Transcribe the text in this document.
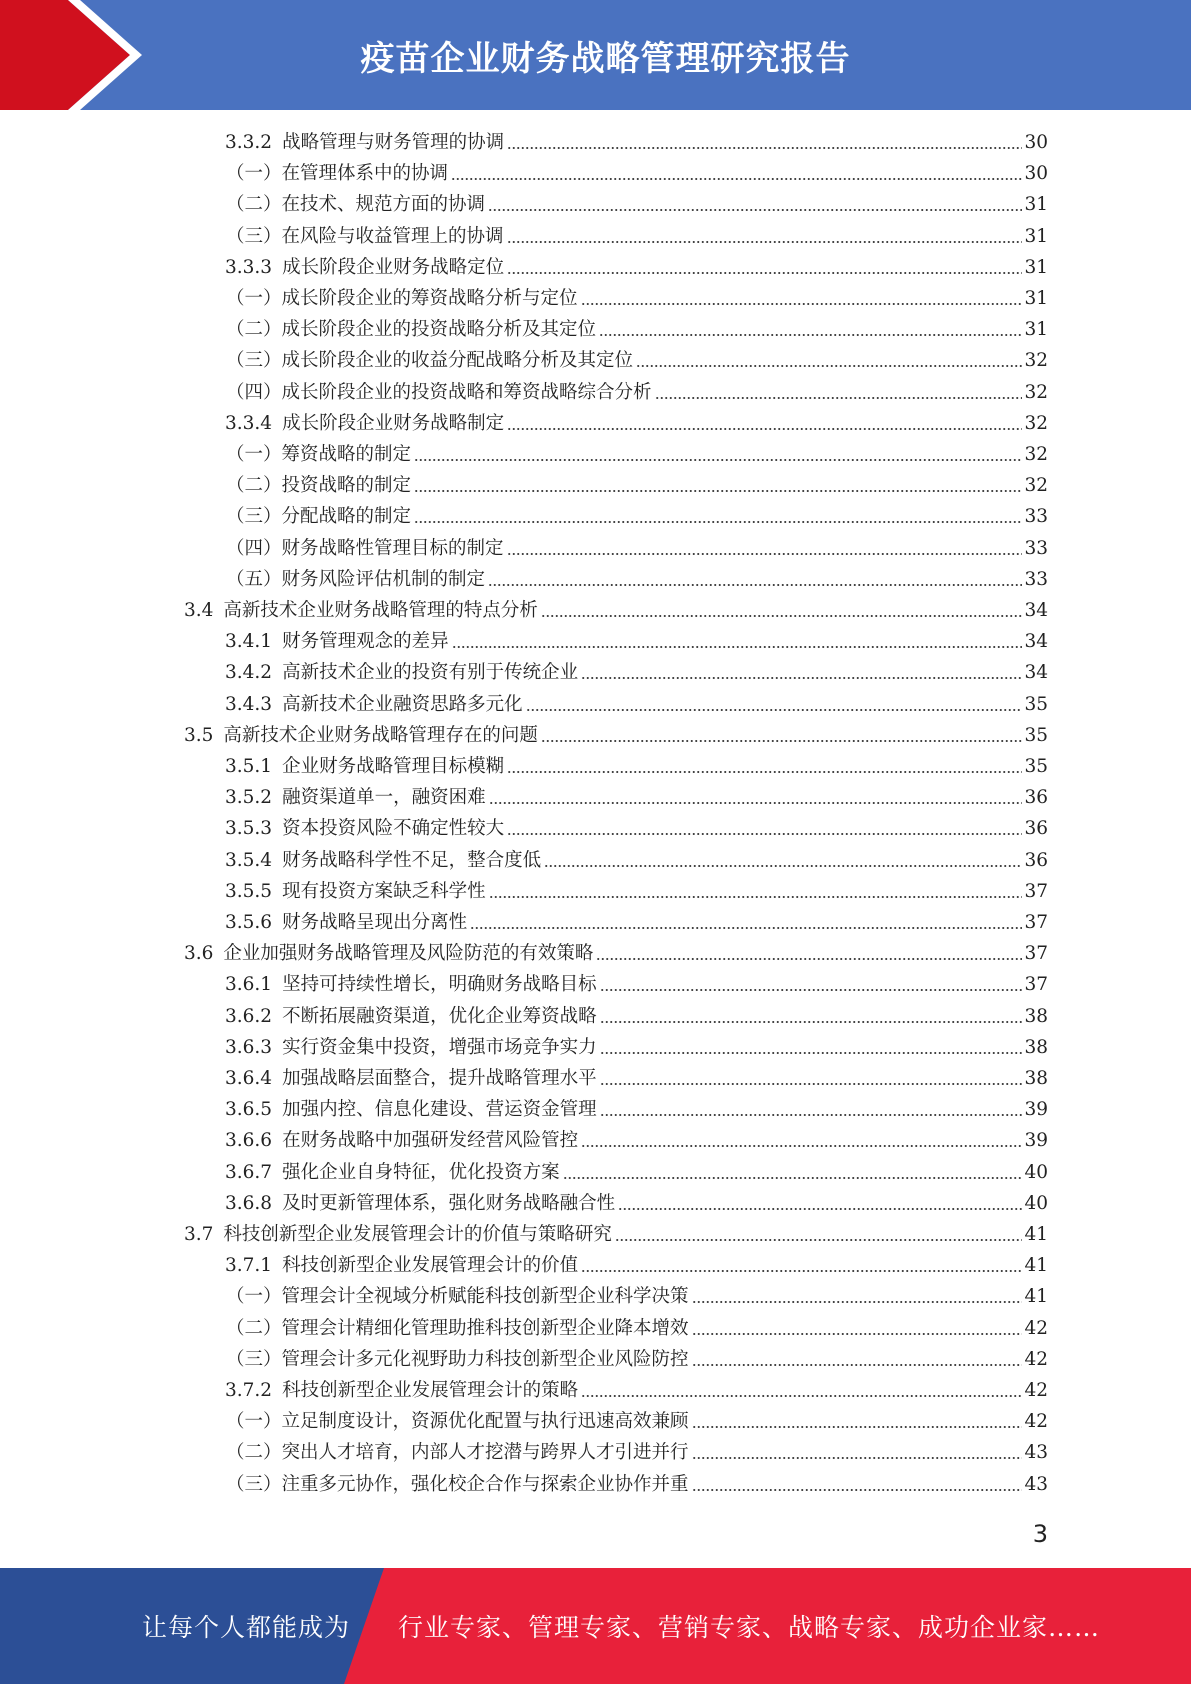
疫苗企业财务战略管理研究报告
3.3.2 战略管理与财务管理的协调	30
（一）在管理体系中的协调	30
（二）在技术、规范方面的协调	31
（三）在风险与收益管理上的协调	31
3.3.3 成长阶段企业财务战略定位	31
（一）成长阶段企业的筹资战略分析与定位	31
（二）成长阶段企业的投资战略分析及其定位	31
（三）成长阶段企业的收益分配战略分析及其定位	32
（四）成长阶段企业的投资战略和筹资战略综合分析	32
3.3.4 成长阶段企业财务战略制定	32
（一）筹资战略的制定	32
（二）投资战略的制定	32
（三）分配战略的制定	33
（四）财务战略性管理目标的制定	33
（五）财务风险评估机制的制定	33
3.4 高新技术企业财务战略管理的特点分析	34
3.4.1 财务管理观念的差异	34
3.4.2 高新技术企业的投资有别于传统企业	34
3.4.3 高新技术企业融资思路多元化	35
3.5 高新技术企业财务战略管理存在的问题	35
3.5.1 企业财务战略管理目标模糊	35
3.5.2 融资渠道单一，融资困难	36
3.5.3 资本投资风险不确定性较大	36
3.5.4 财务战略科学性不足，整合度低	36
3.5.5 现有投资方案缺乏科学性	37
3.5.6 财务战略呈现出分离性	37
3.6 企业加强财务战略管理及风险防范的有效策略	37
3.6.1 坚持可持续性增长，明确财务战略目标	37
3.6.2 不断拓展融资渠道，优化企业筹资战略	38
3.6.3 实行资金集中投资，增强市场竞争实力	38
3.6.4 加强战略层面整合，提升战略管理水平	38
3.6.5 加强内控、信息化建设、营运资金管理	39
3.6.6 在财务战略中加强研发经营风险管控	39
3.6.7 强化企业自身特征，优化投资方案	40
3.6.8 及时更新管理体系，强化财务战略融合性	40
3.7 科技创新型企业发展管理会计的价值与策略研究	41
3.7.1 科技创新型企业发展管理会计的价值	41
（一）管理会计全视域分析赋能科技创新型企业科学决策	41
（二）管理会计精细化管理助推科技创新型企业降本增效	42
（三）管理会计多元化视野助力科技创新型企业风险防控	42
3.7.2 科技创新型企业发展管理会计的策略	42
（一）立足制度设计，资源优化配置与执行迅速高效兼顾	42
（二）突出人才培育，内部人才挖潜与跨界人才引进并行	43
（三）注重多元协作，强化校企合作与探索企业协作并重	43
3
让每个人都能成为 行业专家、管理专家、营销专家、战略专家、成功企业家……
